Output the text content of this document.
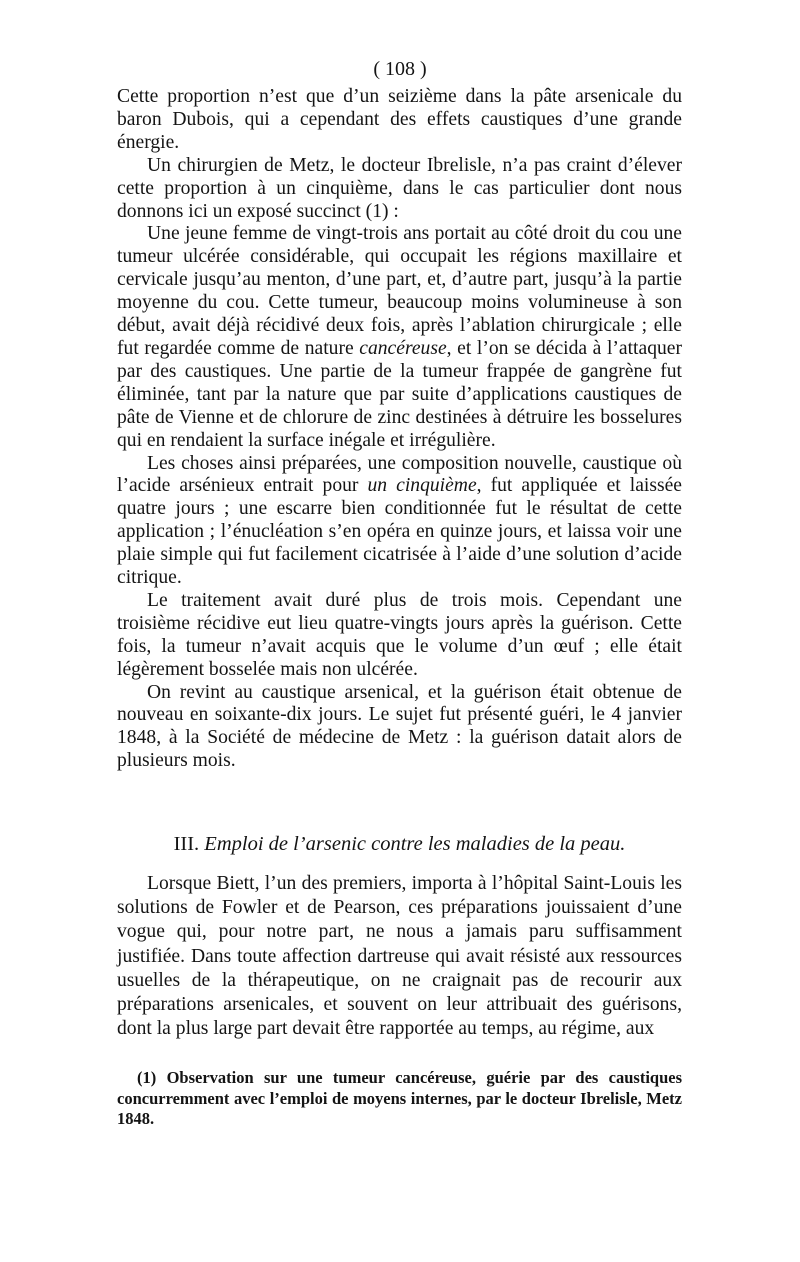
( 108 )

Cette proportion n’est que d’un seizième dans la pâte arsenicale du baron Dubois, qui a cependant des effets caustiques d’une grande énergie.

Un chirurgien de Metz, le docteur Ibrelisle, n’a pas craint d’élever cette proportion à un cinquième, dans le cas particulier dont nous donnons ici un exposé succinct (1) :

Une jeune femme de vingt-trois ans portait au côté droit du cou une tumeur ulcérée considérable, qui occupait les régions maxillaire et cervicale jusqu’au menton, d’une part, et, d’autre part, jusqu’à la partie moyenne du cou. Cette tumeur, beaucoup moins volumineuse à son début, avait déjà récidivé deux fois, après l’ablation chirurgicale ; elle fut regardée comme de nature cancéreuse, et l’on se décida à l’attaquer par des caustiques. Une partie de la tumeur frappée de gangrène fut éliminée, tant par la nature que par suite d’applications caustiques de pâte de Vienne et de chlorure de zinc destinées à détruire les bosselures qui en rendaient la surface inégale et irrégulière.

Les choses ainsi préparées, une composition nouvelle, caustique où l’acide arsénieux entrait pour un cinquième, fut appliquée et laissée quatre jours ; une escarre bien conditionnée fut le résultat de cette application ; l’énucléation s’en opéra en quinze jours, et laissa voir une plaie simple qui fut facilement cicatrisée à l’aide d’une solution d’acide citrique.

Le traitement avait duré plus de trois mois. Cependant une troisième récidive eut lieu quatre-vingts jours après la guérison. Cette fois, la tumeur n’avait acquis que le volume d’un œuf ; elle était légèrement bosselée mais non ulcérée.

On revint au caustique arsenical, et la guérison était obtenue de nouveau en soixante-dix jours. Le sujet fut présenté guéri, le 4 janvier 1848, à la Société de médecine de Metz : la guérison datait alors de plusieurs mois.

III. Emploi de l’arsenic contre les maladies de la peau.

Lorsque Biett, l’un des premiers, importa à l’hôpital Saint-Louis les solutions de Fowler et de Pearson, ces préparations jouissaient d’une vogue qui, pour notre part, ne nous a jamais paru suffisamment justifiée. Dans toute affection dartreuse qui avait résisté aux ressources usuelles de la thérapeutique, on ne craignait pas de recourir aux préparations arsenicales, et souvent on leur attribuait des guérisons, dont la plus large part devait être rapportée au temps, au régime, aux

(1) Observation sur une tumeur cancéreuse, guérie par des caustiques concurremment avec l’emploi de moyens internes, par le docteur Ibrelisle, Metz 1848.
